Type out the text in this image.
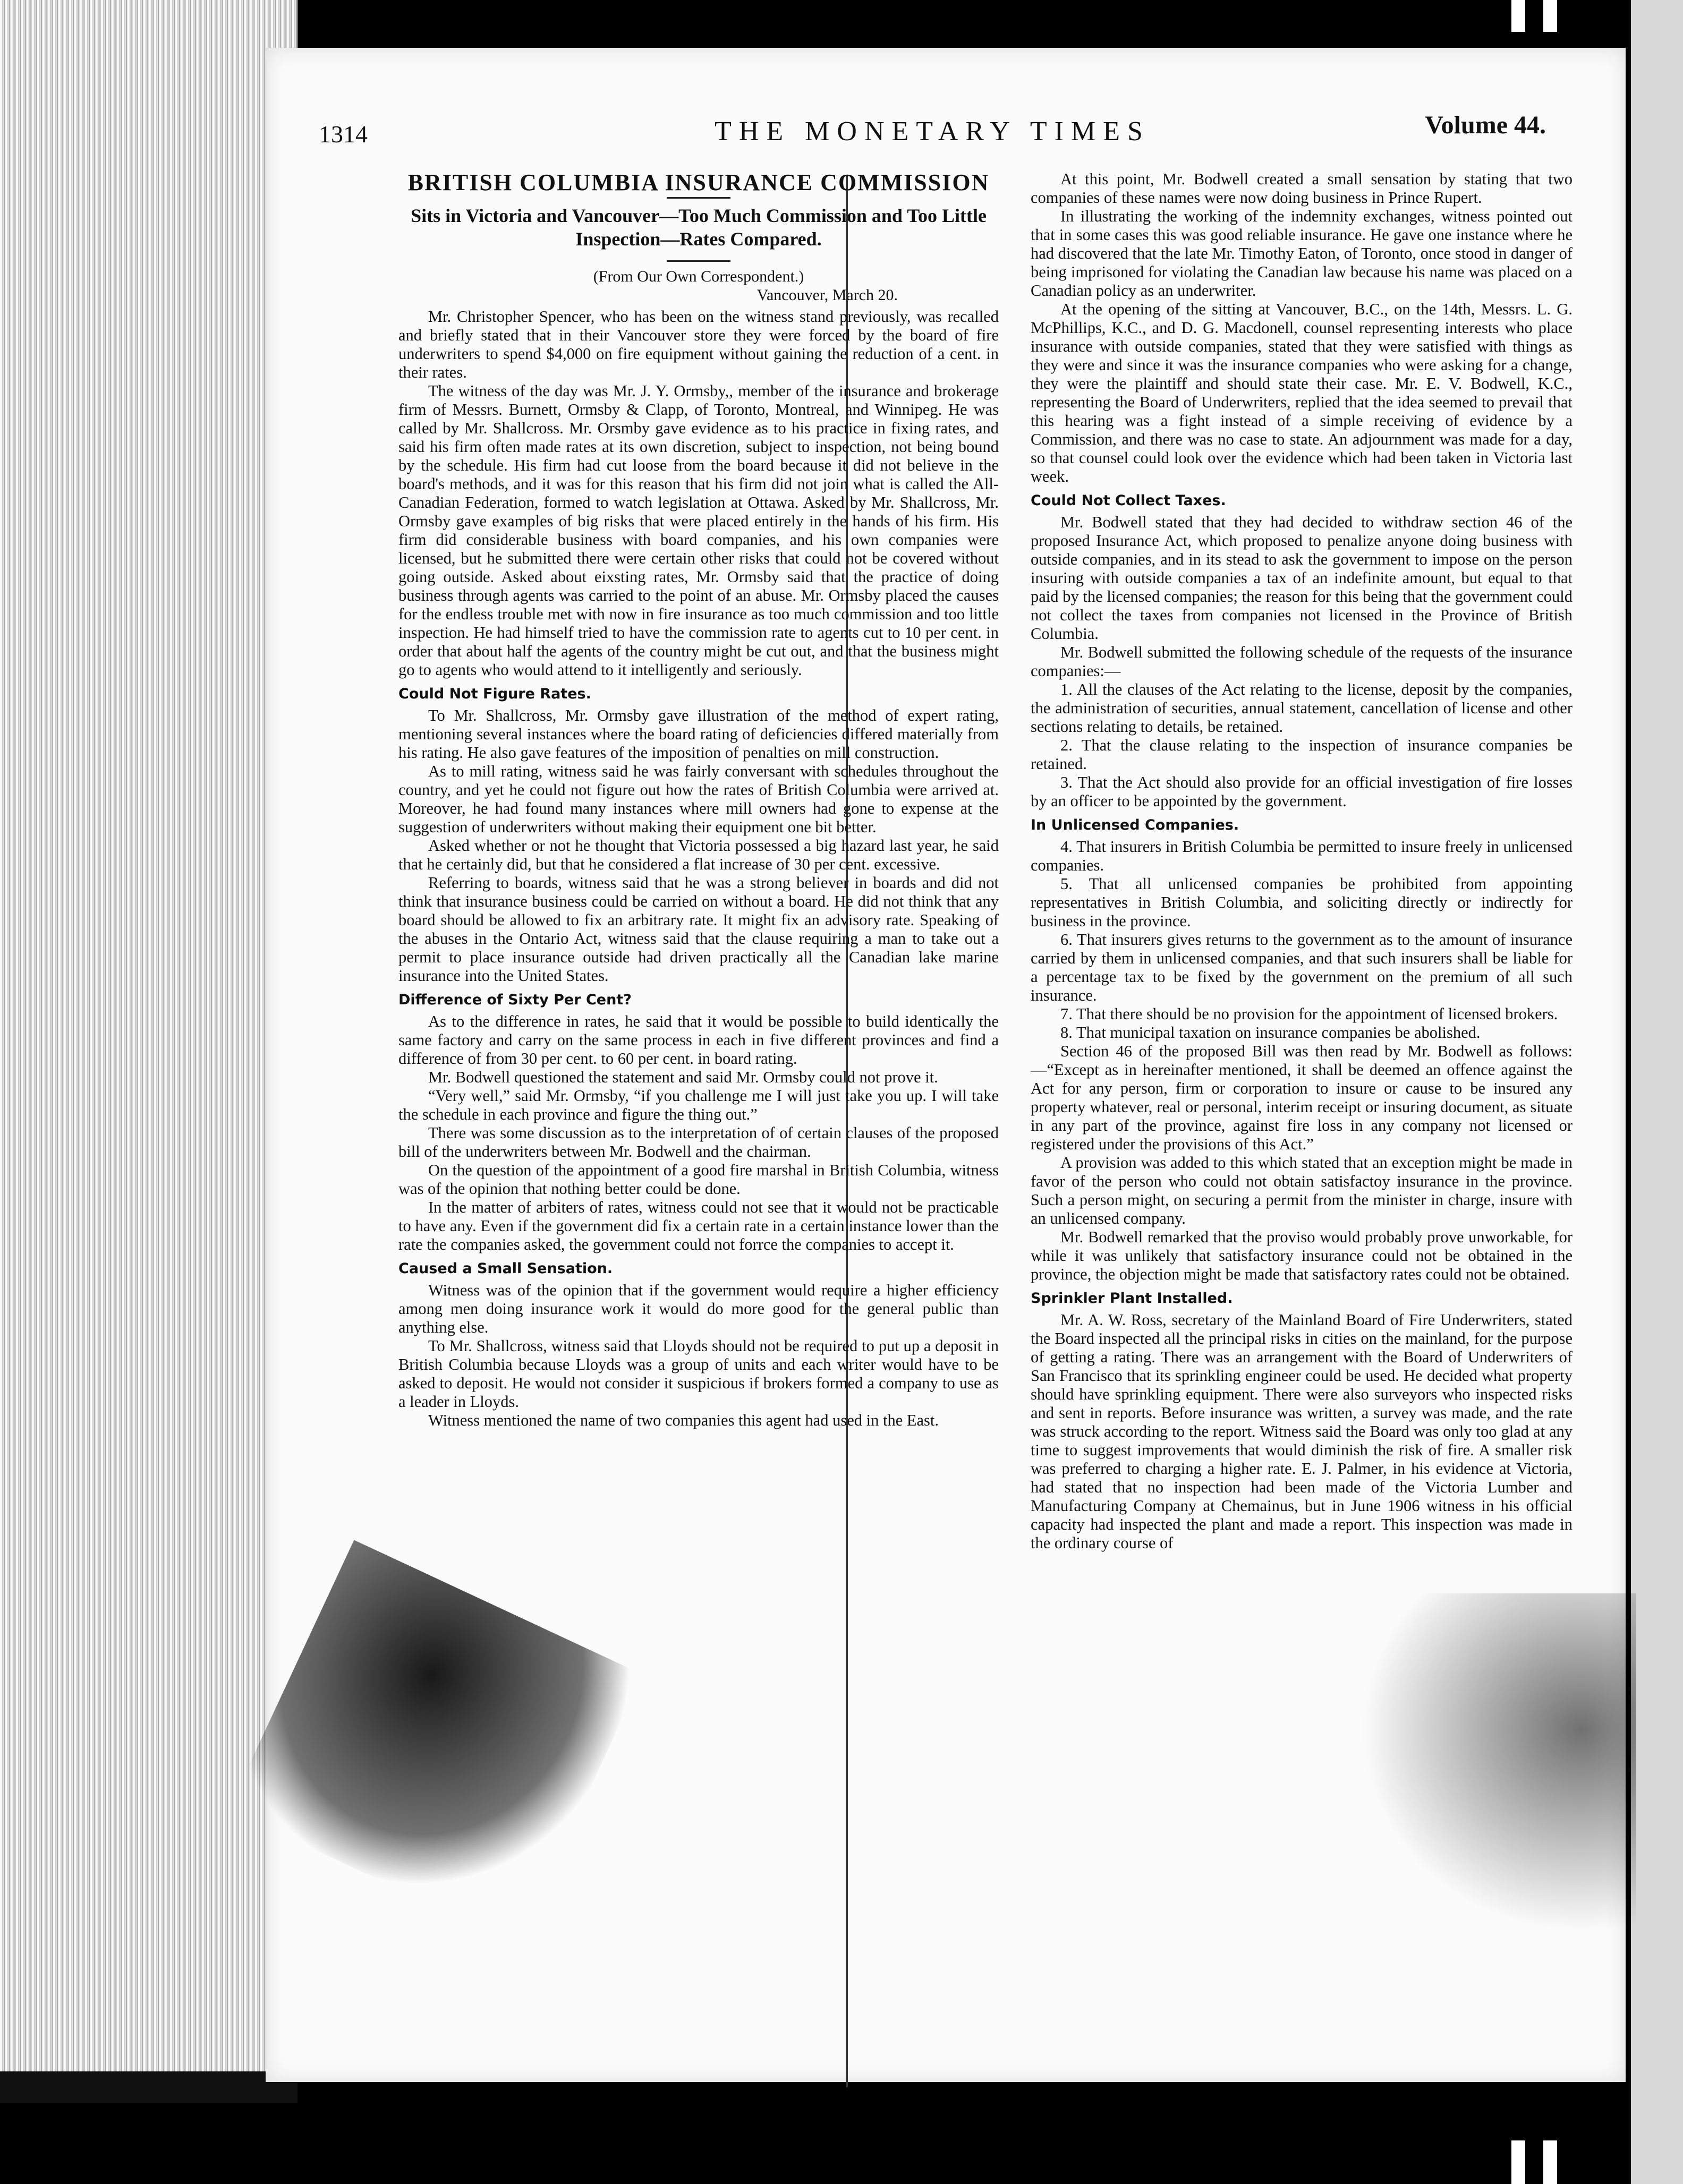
1314	THE MONETARY TIMES	Volume 44.
BRITISH COLUMBIA INSURANCE COMMISSION
Sits in Victoria and Vancouver—Too Much Commission and Too Little Inspection—Rates Compared.
(From Our Own Correspondent.)
Vancouver, March 20.

Mr. Christopher Spencer, who has been on the witness stand previously, was recalled and briefly stated that in their Vancouver store they were forced by the board of fire underwriters to spend $4,000 on fire equipment without gaining the reduction of a cent. in their rates.

The witness of the day was Mr. J. Y. Ormsby,, member of the insurance and brokerage firm of Messrs. Burnett, Ormsby & Clapp, of Toronto, Montreal, and Winnipeg. He was called by Mr. Shallcross. Mr. Orsmby gave evidence as to his practice in fixing rates, and said his firm often made rates at its own discretion, subject to inspection, not being bound by the schedule. His firm had cut loose from the board because it did not believe in the board's methods, and it was for this reason that his firm did not join what is called the All-Canadian Federation, formed to watch legislation at Ottawa. Asked by Mr. Shallcross, Mr. Ormsby gave examples of big risks that were placed entirely in the hands of his firm. His firm did considerable business with board companies, and his own companies were licensed, but he submitted there were certain other risks that could not be covered without going outside. Asked about eixsting rates, Mr. Ormsby said that the practice of doing business through agents was carried to the point of an abuse. Mr. Ormsby placed the causes for the endless trouble met with now in fire insurance as too much commission and too little inspection. He had himself tried to have the commission rate to agents cut to 10 per cent. in order that about half the agents of the country might be cut out, and that the business might go to agents who would attend to it intelligently and seriously.

Could Not Figure Rates.

To Mr. Shallcross, Mr. Ormsby gave illustration of the method of expert rating, mentioning several instances where the board rating of deficiencies differed materially from his rating. He also gave features of the imposition of penalties on mill construction.

As to mill rating, witness said he was fairly conversant with schedules throughout the country, and yet he could not figure out how the rates of British Columbia were arrived at. Moreover, he had found many instances where mill owners had gone to expense at the suggestion of underwriters without making their equipment one bit better.

Asked whether or not he thought that Victoria possessed a big hazard last year, he said that he certainly did, but that he considered a flat increase of 30 per cent. excessive.

Referring to boards, witness said that he was a strong believer in boards and did not think that insurance business could be carried on without a board. He did not think that any board should be allowed to fix an arbitrary rate. It might fix an advisory rate. Speaking of the abuses in the Ontario Act, witness said that the clause requiring a man to take out a permit to place insurance outside had driven practically all the Canadian lake marine insurance into the United States.

Difference of Sixty Per Cent?

As to the difference in rates, he said that it would be possible to build identically the same factory and carry on the same process in each in five different provinces and find a difference of from 30 per cent. to 60 per cent. in board rating.

Mr. Bodwell questioned the statement and said Mr. Ormsby could not prove it.

“Very well,” said Mr. Ormsby, “if you challenge me I will just take you up. I will take the schedule in each province and figure the thing out.”

There was some discussion as to the interpretation of of certain clauses of the proposed bill of the underwriters between Mr. Bodwell and the chairman.

On the question of the appointment of a good fire marshal in British Columbia, witness was of the opinion that nothing better could be done.

In the matter of arbiters of rates, witness could not see that it would not be practicable to have any. Even if the government did fix a certain rate in a certain instance lower than the rate the companies asked, the government could not forrce the companies to accept it.

Caused a Small Sensation.

Witness was of the opinion that if the government would require a higher efficiency among men doing insurance work it would do more good for the general public than anything else.

To Mr. Shallcross, witness said that Lloyds should not be required to put up a deposit in British Columbia because Lloyds was a group of units and each writer would have to be asked to deposit. He would not consider it suspicious if brokers formed a company to use as a leader in Lloyds.

Witness mentioned the name of two companies this agent had used in the East.

At this point, Mr. Bodwell created a small sensation by stating that two companies of these names were now doing business in Prince Rupert.

In illustrating the working of the indemnity exchanges, witness pointed out that in some cases this was good reliable insurance. He gave one instance where he had discovered that the late Mr. Timothy Eaton, of Toronto, once stood in danger of being imprisoned for violating the Canadian law because his name was placed on a Canadian policy as an underwriter.

At the opening of the sitting at Vancouver, B.C., on the 14th, Messrs. L. G. McPhillips, K.C., and D. G. Macdonell, counsel representing interests who place insurance with outside companies, stated that they were satisfied with things as they were and since it was the insurance companies who were asking for a change, they were the plaintiff and should state their case. Mr. E. V. Bodwell, K.C., representing the Board of Underwriters, replied that the idea seemed to prevail that this hearing was a fight instead of a simple receiving of evidence by a Commission, and there was no case to state. An adjournment was made for a day, so that counsel could look over the evidence which had been taken in Victoria last week.

Could Not Collect Taxes.

Mr. Bodwell stated that they had decided to withdraw section 46 of the proposed Insurance Act, which proposed to penalize anyone doing business with outside companies, and in its stead to ask the government to impose on the person insuring with outside companies a tax of an indefinite amount, but equal to that paid by the licensed companies; the reason for this being that the government could not collect the taxes from companies not licensed in the Province of British Columbia.

Mr. Bodwell submitted the following schedule of the requests of the insurance companies:—

1. All the clauses of the Act relating to the license, deposit by the companies, the administration of securities, annual statement, cancellation of license and other sections relating to details, be retained.

2. That the clause relating to the inspection of insurance companies be retained.

3. That the Act should also provide for an official investigation of fire losses by an officer to be appointed by the government.

In Unlicensed Companies.

4. That insurers in British Columbia be permitted to insure freely in unlicensed companies.

5. That all unlicensed companies be prohibited from appointing representatives in British Columbia, and soliciting directly or indirectly for business in the province.

6. That insurers gives returns to the government as to the amount of insurance carried by them in unlicensed companies, and that such insurers shall be liable for a percentage tax to be fixed by the government on the premium of all such insurance.

7. That there should be no provision for the appointment of licensed brokers.

8. That municipal taxation on insurance companies be abolished.

Section 46 of the proposed Bill was then read by Mr. Bodwell as follows:—“Except as in hereinafter mentioned, it shall be deemed an offence against the Act for any person, firm or corporation to insure or cause to be insured any property whatever, real or personal, interim receipt or insuring document, as situate in any part of the province, against fire loss in any company not licensed or registered under the provisions of this Act.”

A provision was added to this which stated that an exception might be made in favor of the person who could not obtain satisfactoy insurance in the province. Such a person might, on securing a permit from the minister in charge, insure with an unlicensed company.

Mr. Bodwell remarked that the proviso would probably prove unworkable, for while it was unlikely that satisfactory insurance could not be obtained in the province, the objection might be made that satisfactory rates could not be obtained.

Sprinkler Plant Installed.

Mr. A. W. Ross, secretary of the Mainland Board of Fire Underwriters, stated the Board inspected all the principal risks in cities on the mainland, for the purpose of getting a rating. There was an arrangement with the Board of Underwriters of San Francisco that its sprinkling engineer could be used. He decided what property should have sprinkling equipment. There were also surveyors who inspected risks and sent in reports. Before insurance was written, a survey was made, and the rate was struck according to the report. Witness said the Board was only too glad at any time to suggest improvements that would diminish the risk of fire. A smaller risk was preferred to charging a higher rate. E. J. Palmer, in his evidence at Victoria, had stated that no inspection had been made of the Victoria Lumber and Manufacturing Company at Chemainus, but in June 1906 witness in his official capacity had inspected the plant and made a report. This inspection was made in the ordinary course of
